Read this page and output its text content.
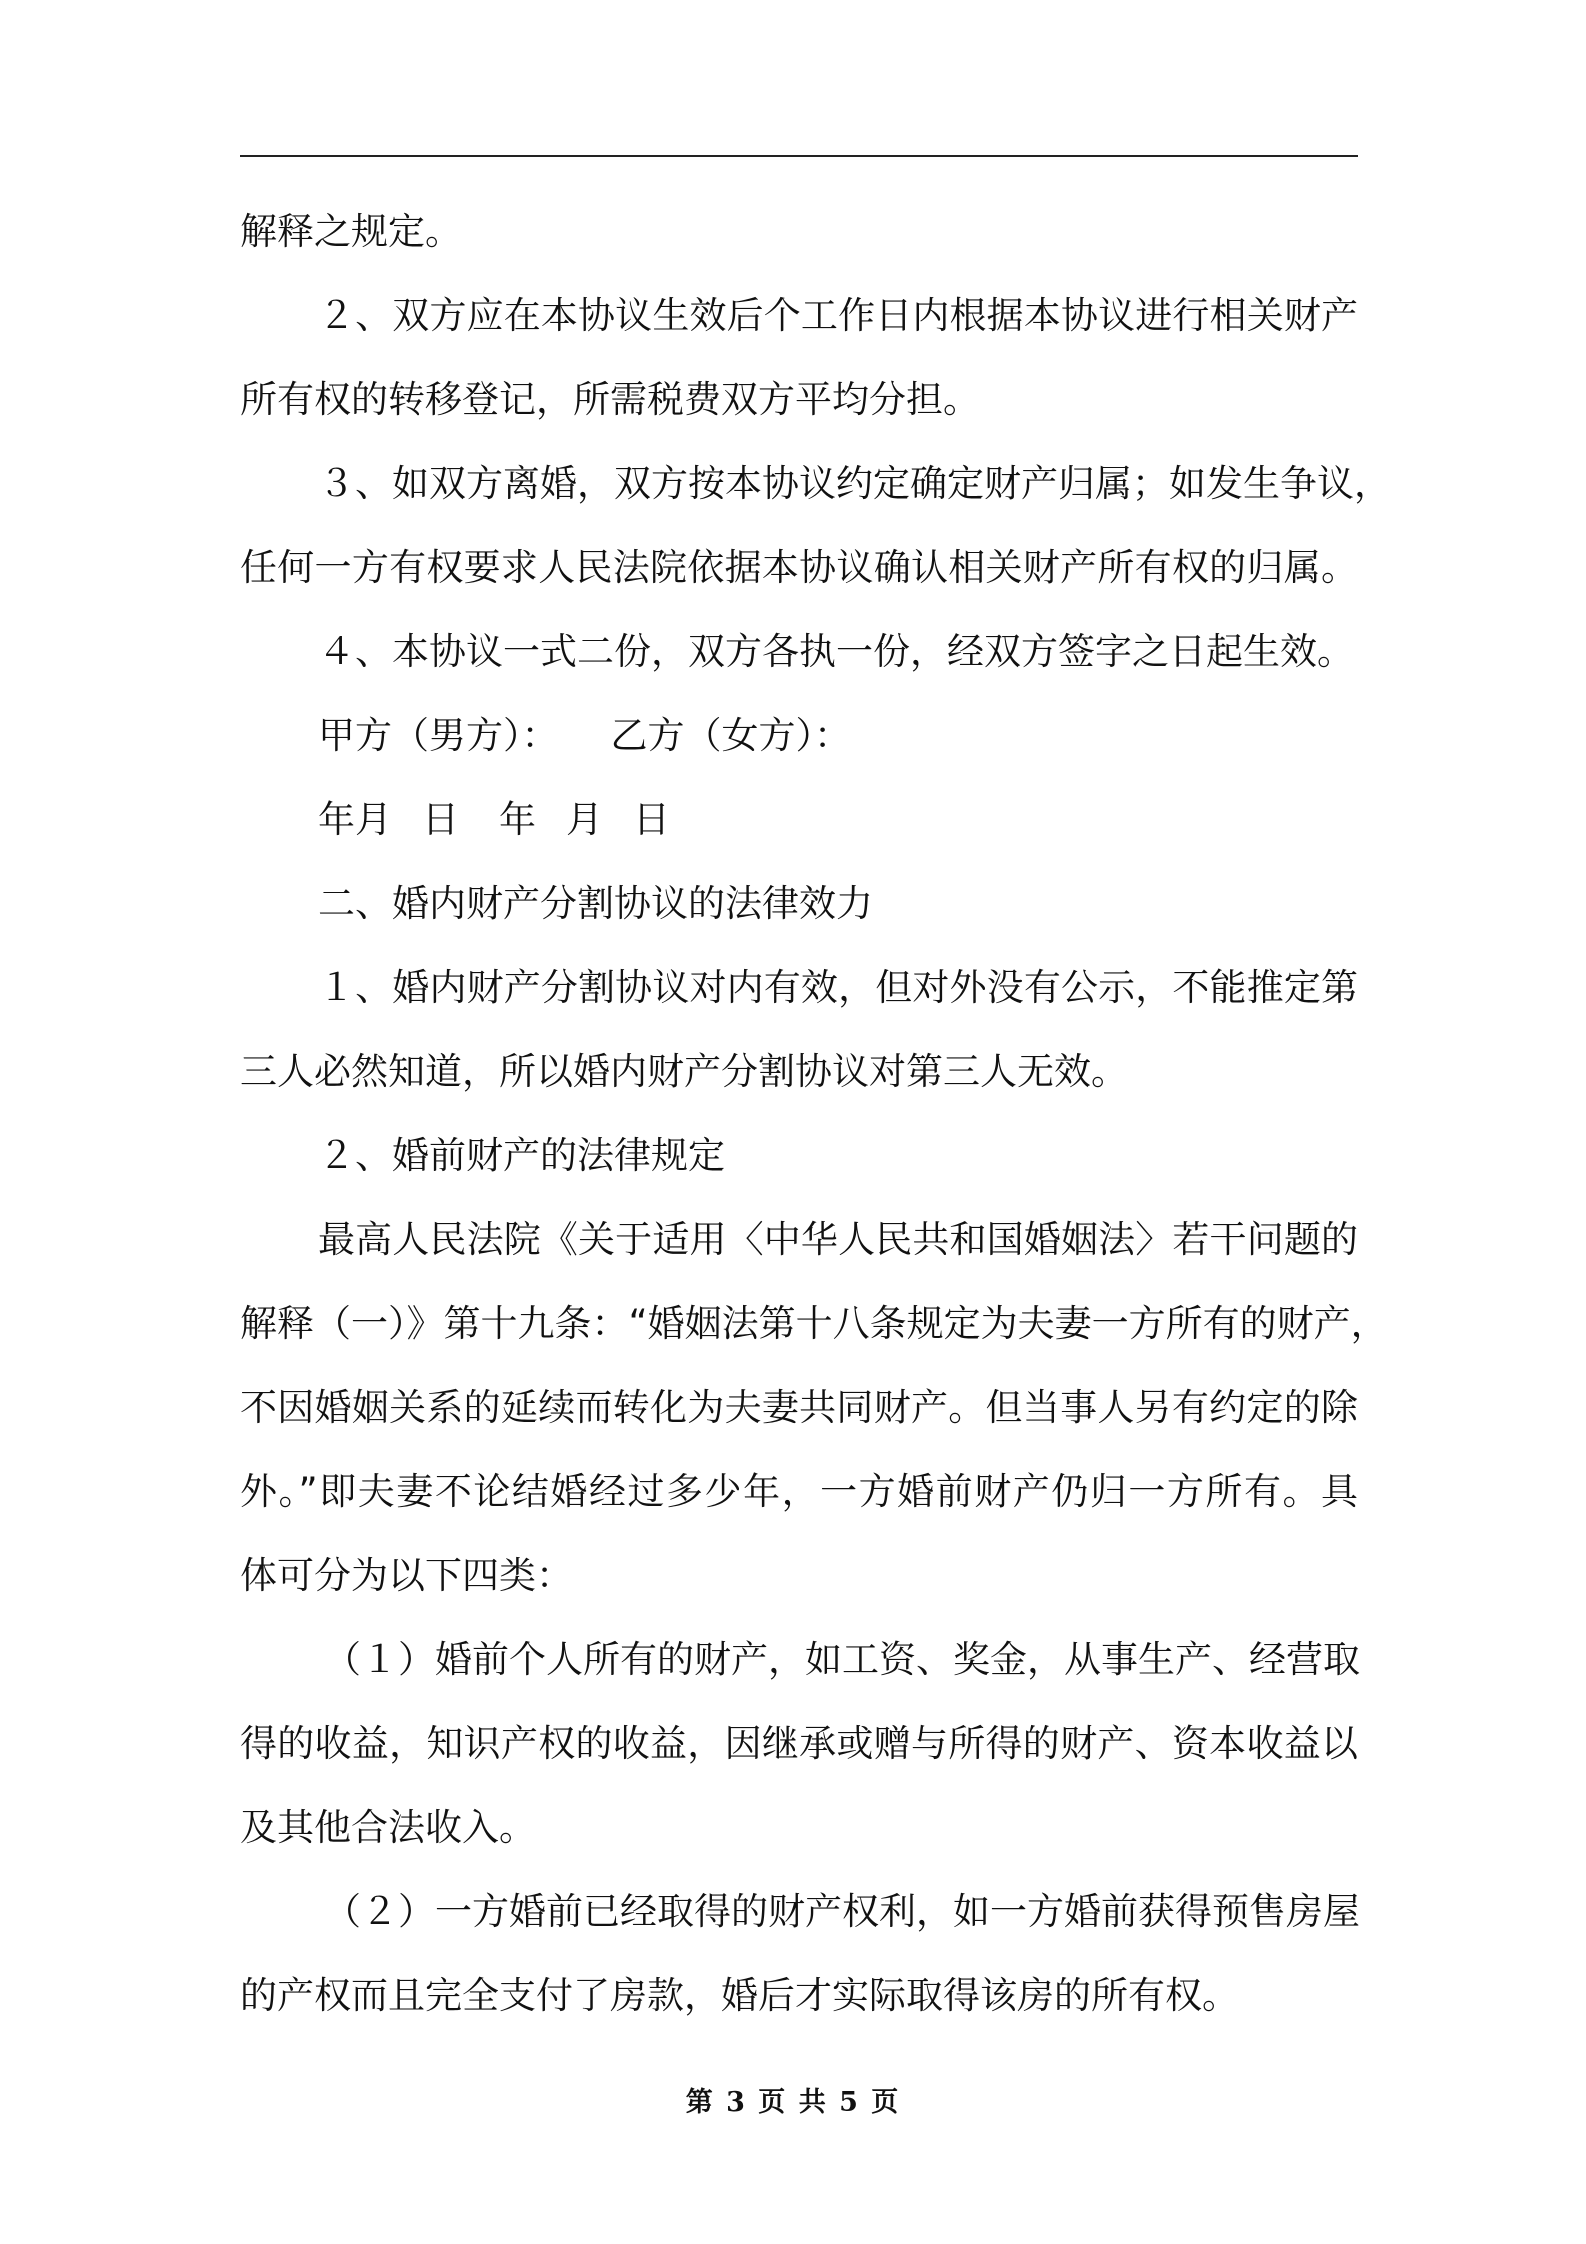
解释之规定。
２、双方应在本协议生效后个工作日内根据本协议进行相关财产
所有权的转移登记，所需税费双方平均分担。
３、如双方离婚，双方按本协议约定确定财产归属；如发生争议，
任何一方有权要求人民法院依据本协议确认相关财产所有权的归属。
４、本协议一式二份，双方各执一份，经双方签字之日起生效。
甲方（男方）： 乙方（女方）：
年月 日 年 月 日
二、婚内财产分割协议的法律效力
１、婚内财产分割协议对内有效，但对外没有公示，不能推定第
三人必然知道，所以婚内财产分割协议对第三人无效。
２、婚前财产的法律规定
最高人民法院《关于适用〈中华人民共和国婚姻法〉若干问题的
解释（一）》第十九条：“婚姻法第十八条规定为夫妻一方所有的财产，
不因婚姻关系的延续而转化为夫妻共同财产。但当事人另有约定的除
外。”即夫妻不论结婚经过多少年，一方婚前财产仍归一方所有。具
体可分为以下四类：
（１）婚前个人所有的财产，如工资、奖金，从事生产、经营取
得的收益，知识产权的收益，因继承或赠与所得的财产、资本收益以
及其他合法收入。
（２）一方婚前已经取得的财产权利，如一方婚前获得预售房屋
的产权而且完全支付了房款，婚后才实际取得该房的所有权。
第 3 页 共 5 页
